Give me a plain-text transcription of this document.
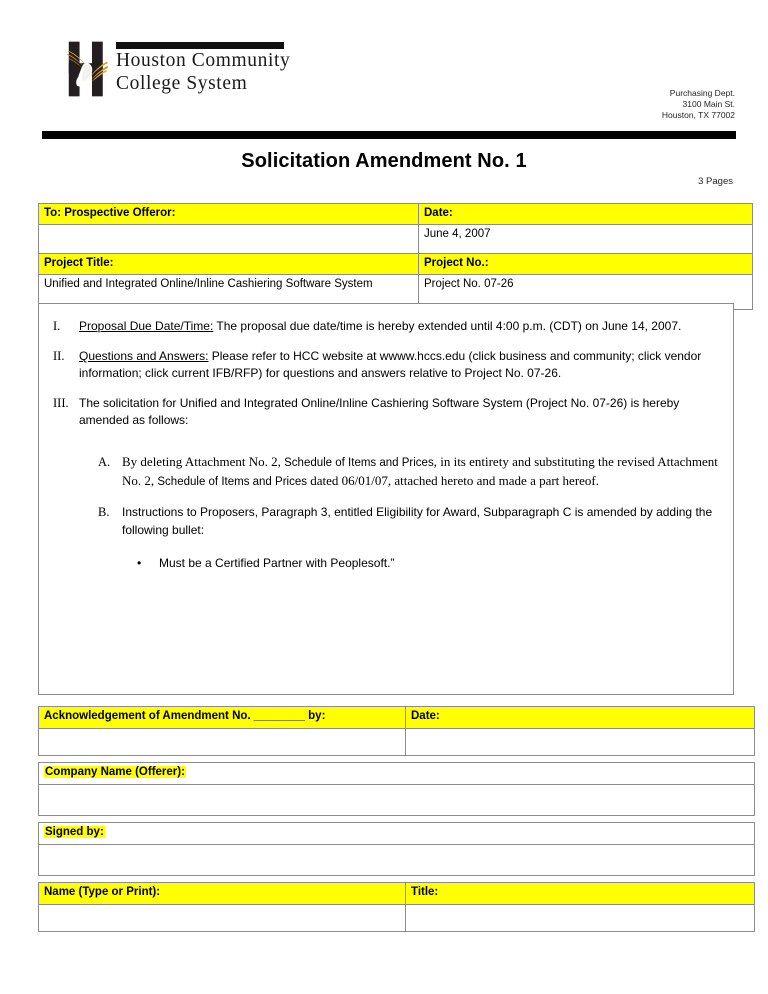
Houston Community
College System	Purchasing Dept.
3100 Main St.
Houston, TX 77002
Solicitation Amendment No. 1
3 Pages
To: Prospective Offeror:	Date:
	June 4, 2007
Project Title:	Project No.:
Unified and Integrated Online/Inline Cashiering Software System	Project No. 07-26
I.	Proposal Due Date/Time: The proposal due date/time is hereby extended until 4:00 p.m. (CDT) on June 14, 2007.
II.	Questions and Answers: Please refer to HCC website at wwww.hccs.edu (click business and community; click vendor information; click current IFB/RFP) for questions and answers relative to Project No. 07-26.
III. The solicitation for Unified and Integrated Online/Inline Cashiering Software System (Project No. 07-26) is hereby amended as follows:
A. By deleting Attachment No. 2, Schedule of Items and Prices, in its entirety and substituting the revised Attachment No. 2, Schedule of Items and Prices dated 06/01/07, attached hereto and made a part hereof.
B.	Instructions to Proposers, Paragraph 3, entitled Eligibility for Award, Subparagraph C is amended by adding the following bullet:
•	Must be a Certified Partner with Peoplesoft.”
Acknowledgement of Amendment No. ________ by:	Date:

Company Name (Offerer):	

Signed by:	

Name (Type or Print):	Title:
